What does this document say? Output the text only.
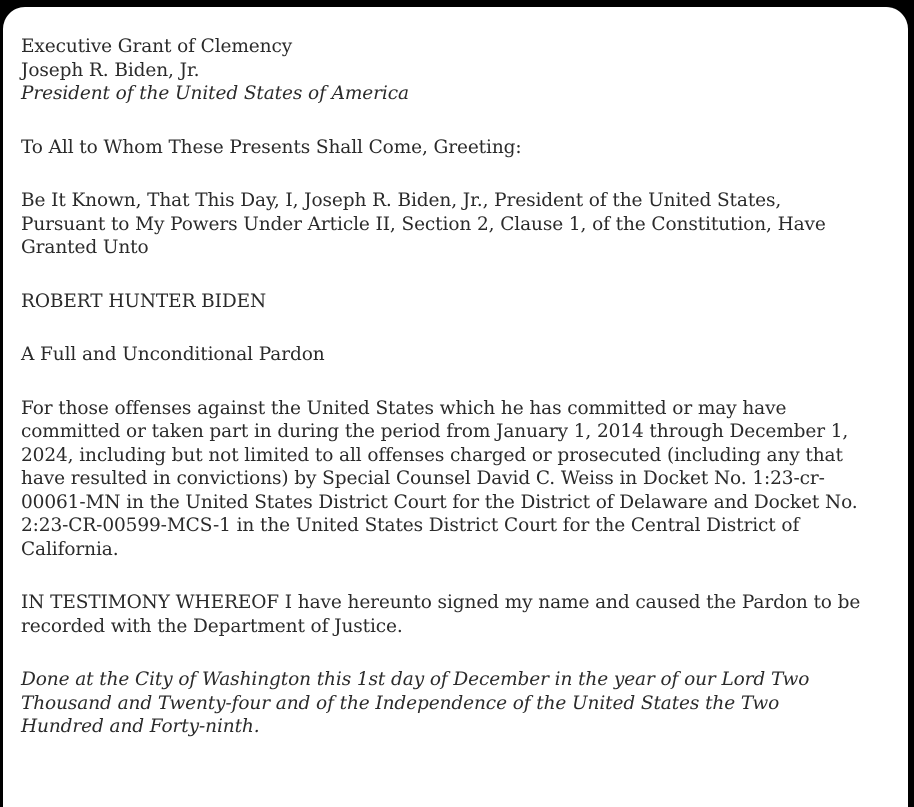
Executive Grant of Clemency
Joseph R. Biden, Jr.
President of the United States of America
To All to Whom These Presents Shall Come, Greeting:
Be It Known, That This Day, I, Joseph R. Biden, Jr., President of the United States,
Pursuant to My Powers Under Article II, Section 2, Clause 1, of the Constitution, Have
Granted Unto
ROBERT HUNTER BIDEN
A Full and Unconditional Pardon
For those offenses against the United States which he has committed or may have
committed or taken part in during the period from January 1, 2014 through December 1,
2024, including but not limited to all offenses charged or prosecuted (including any that
have resulted in convictions) by Special Counsel David C. Weiss in Docket No. 1:23-cr-
00061-MN in the United States District Court for the District of Delaware and Docket No.
2:23-CR-00599-MCS-1 in the United States District Court for the Central District of
California.
IN TESTIMONY WHEREOF I have hereunto signed my name and caused the Pardon to be
recorded with the Department of Justice.
Done at the City of Washington this 1st day of December in the year of our Lord Two
Thousand and Twenty-four and of the Independence of the United States the Two
Hundred and Forty-ninth.
